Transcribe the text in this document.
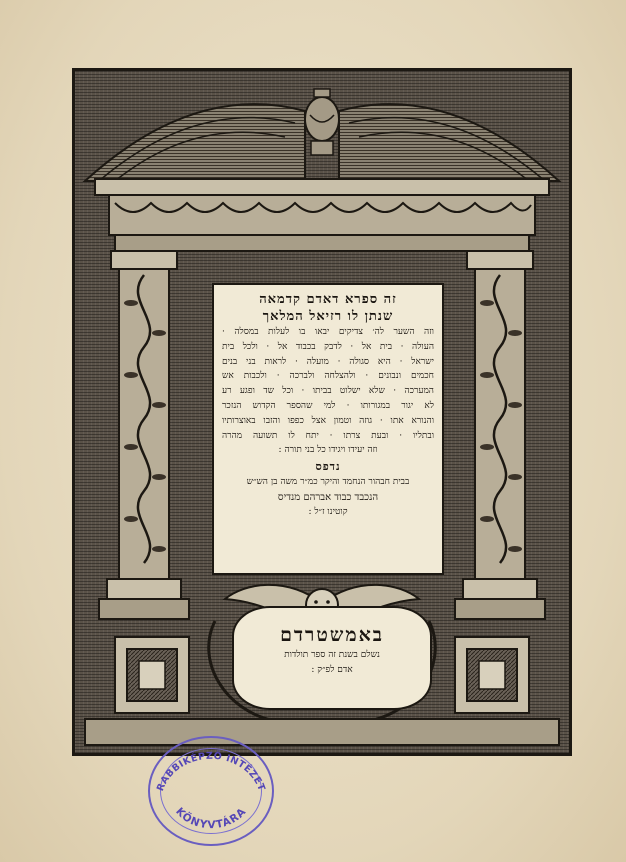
זה ספרא דאדם קדמאה
שנתן לו רזיאל המלאך
וזה השער לה׳ צדיקים יבאו בו לעלות במסלה ·
העולה · בית אל · לדבק בכבוד אל · ולכל בית
ישראל · היא סגולה · מועלה · לראות בני בנים
חכמים ונבונים · ולהצלחה ולברכה · ולכבות אש
המערכה · שלא ישלוט בביתו · וכל שד ופגע רע
לא יגור במגורותו · למי שהספר הקדוש הנזכר
והנורא אתו · גוזה וטמון אצל כפפו והזבו באוצרותיו
ובתליו · ובעת צרתו · יתח לו תשועה מהרה
וזה יעידו ויגידו כל בני תורה :
נדפס
בבית חבהור הנחמד והיקר כמ״ר משה בן הש״ש
הנכבד כבוד אברהם מנדיס
קוטינו ז״ל :
באמשטרדם
נשלם בשנת זה ספר תולדות
אדם לפ״ק :
RABBIKÉPZŐ INTÉZET
KÖNYVTÁRA
